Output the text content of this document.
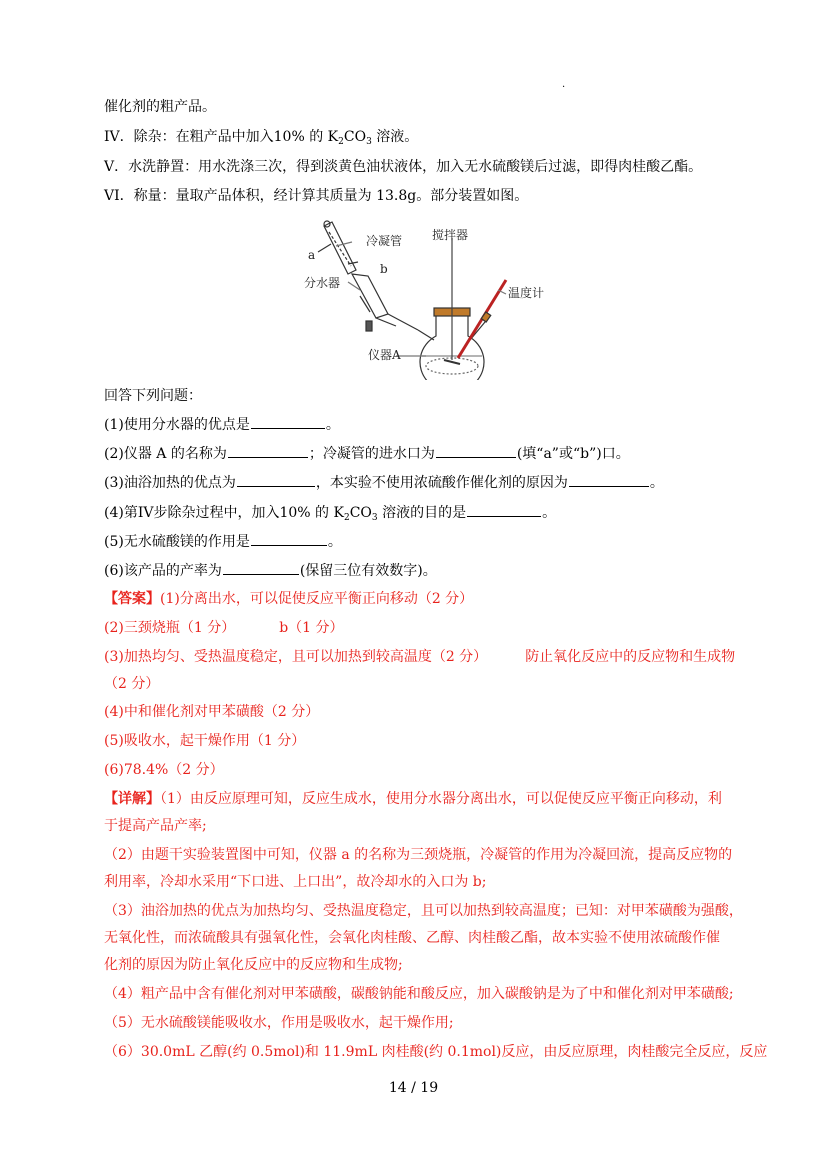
.
催化剂的粗产品。
IV．除杂：在粗产品中加入10% 的 $K_2CO_3$ 溶液。
V．水洗静置：用水洗涤三次，得到淡黄色油状液体，加入无水硫酸镁后过滤，即得肉桂酸乙酯。
VI．称量：量取产品体积，经计算其质量为 13.8g。部分装置如图。
冷凝管 搅拌器
分水器
温度计
仪器A
a
b
回答下列问题：
(1)使用分水器的优点是	。
(2)仪器 A 的名称为	；冷凝管的进水口为	(填“a”或“b”)口。
(3)油浴加热的优点为	，本实验不使用浓硫酸作催化剂的原因为	。
(4)第IV步除杂过程中，加入10% 的 $K_2CO_3$ 溶液的目的是	。
(5)无水硫酸镁的作用是	。
(6)该产品的产率为	(保留三位有效数字)。
【答案】(1)分离出水，可以促使反应平衡正向移动（2 分）
(2)三颈烧瓶（1 分）	b（1 分）
(3)加热均匀、受热温度稳定，且可以加热到较高温度（2 分）	防止氧化反应中的反应物和生成物
（2 分）
(4)中和催化剂对甲苯磺酸（2 分）
(5)吸收水，起干燥作用（1 分）
(6)78.4%（2 分）
【详解】（1）由反应原理可知，反应生成水，使用分水器分离出水，可以促使反应平衡正向移动，利
于提高产品产率;
（2）由题干实验装置图中可知，仪器 a 的名称为三颈烧瓶，冷凝管的作用为冷凝回流，提高反应物的
利用率，冷却水采用“下口进、上口出”，故冷却水的入口为 b;
（3）油浴加热的优点为加热均匀、受热温度稳定，且可以加热到较高温度；已知：对甲苯磺酸为强酸，
无氧化性，而浓硫酸具有强氧化性，会氧化肉桂酸、乙醇、肉桂酸乙酯，故本实验不使用浓硫酸作催
化剂的原因为防止氧化反应中的反应物和生成物;
（4）粗产品中含有催化剂对甲苯磺酸，碳酸钠能和酸反应，加入碳酸钠是为了中和催化剂对甲苯磺酸;
（5）无水硫酸镁能吸收水，作用是吸收水，起干燥作用;
（6）30.0mL 乙醇(约 0.5mol)和 11.9mL 肉桂酸(约 0.1mol)反应，由反应原理，肉桂酸完全反应，反应
14 / 19
